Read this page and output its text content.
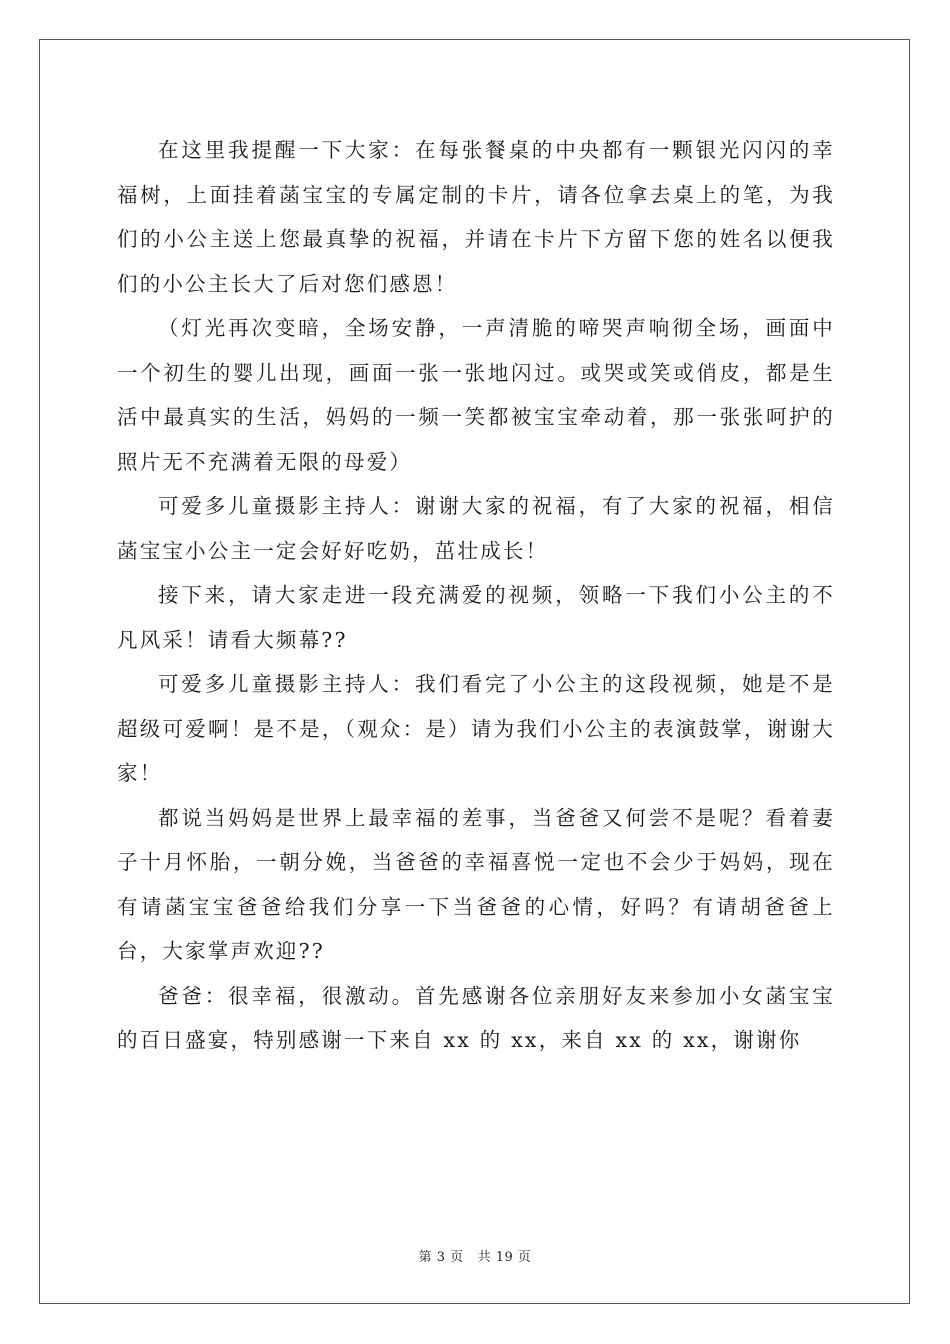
在这里我提醒一下大家：在每张餐桌的中央都有一颗银光闪闪的幸福树，上面挂着菡宝宝的专属定制的卡片，请各位拿去桌上的笔，为我们的小公主送上您最真挚的祝福，并请在卡片下方留下您的姓名以便我们的小公主长大了后对您们感恩！

（灯光再次变暗，全场安静，一声清脆的啼哭声响彻全场，画面中一个初生的婴儿出现，画面一张一张地闪过。或哭或笑或俏皮，都是生活中最真实的生活，妈妈的一频一笑都被宝宝牵动着，那一张张呵护的照片无不充满着无限的母爱）

可爱多儿童摄影主持人：谢谢大家的祝福，有了大家的祝福，相信菡宝宝小公主一定会好好吃奶，茁壮成长！

接下来，请大家走进一段充满爱的视频，领略一下我们小公主的不凡风采！请看大频幕??

可爱多儿童摄影主持人：我们看完了小公主的这段视频，她是不是超级可爱啊！是不是，（观众：是）请为我们小公主的表演鼓掌，谢谢大家！

都说当妈妈是世界上最幸福的差事，当爸爸又何尝不是呢？看着妻子十月怀胎，一朝分娩，当爸爸的幸福喜悦一定也不会少于妈妈，现在有请菡宝宝爸爸给我们分享一下当爸爸的心情，好吗？有请胡爸爸上台，大家掌声欢迎??

爸爸：很幸福，很激动。首先感谢各位亲朋好友来参加小女菡宝宝的百日盛宴，特别感谢一下来自 xx 的 xx，来自 xx 的 xx，谢谢你

第 3 页 共 19 页
